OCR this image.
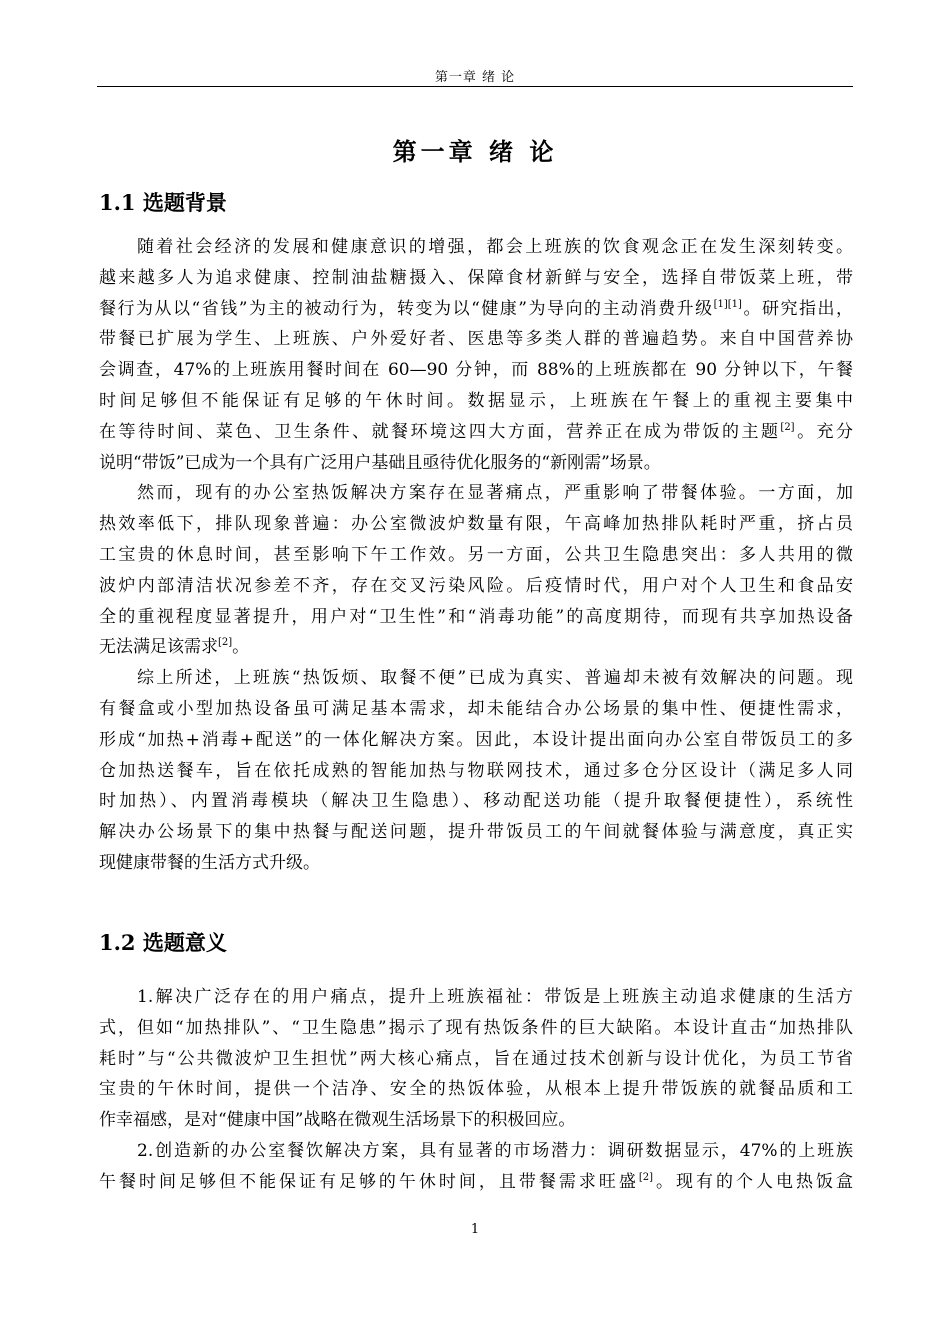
第一章 绪 论
第一章 绪 论
1.1 选题背景
随着社会经济的发展和健康意识的增强，都会上班族的饮食观念正在发生深刻转变。
越来越多人为追求健康、控制油盐糖摄入、保障食材新鲜与安全，选择自带饭菜上班，带
餐行为从以“省钱”为主的被动行为，转变为以“健康”为导向的主动消费升级[1][1]。研究指出，
带餐已扩展为学生、上班族、户外爱好者、医患等多类人群的普遍趋势。来自中国营养协
会调查，47%的上班族用餐时间在 60—90 分钟，而 88%的上班族都在 90 分钟以下，午餐
时间足够但不能保证有足够的午休时间。数据显示，上班族在午餐上的重视主要集中
在等待时间、菜色、卫生条件、就餐环境这四大方面，营养正在成为带饭的主题[2]。充分
说明“带饭”已成为一个具有广泛用户基础且亟待优化服务的“新刚需”场景。
然而，现有的办公室热饭解决方案存在显著痛点，严重影响了带餐体验。一方面，加
热效率低下，排队现象普遍：办公室微波炉数量有限，午高峰加热排队耗时严重，挤占员
工宝贵的休息时间，甚至影响下午工作效。另一方面，公共卫生隐患突出：多人共用的微
波炉内部清洁状况参差不齐，存在交叉污染风险。后疫情时代，用户对个人卫生和食品安
全的重视程度显著提升，用户对“卫生性”和“消毒功能”的高度期待，而现有共享加热设备
无法满足该需求[2]。
综上所述，上班族“热饭烦、取餐不便”已成为真实、普遍却未被有效解决的问题。现
有餐盒或小型加热设备虽可满足基本需求，却未能结合办公场景的集中性、便捷性需求，
形成“加热+消毒+配送”的一体化解决方案。因此，本设计提出面向办公室自带饭员工的多
仓加热送餐车，旨在依托成熟的智能加热与物联网技术，通过多仓分区设计（满足多人同
时加热）、内置消毒模块（解决卫生隐患）、移动配送功能（提升取餐便捷性），系统性
解决办公场景下的集中热餐与配送问题，提升带饭员工的午间就餐体验与满意度，真正实
现健康带餐的生活方式升级。
1.2 选题意义
1.解决广泛存在的用户痛点，提升上班族福祉：带饭是上班族主动追求健康的生活方
式，但如“加热排队”、“卫生隐患”揭示了现有热饭条件的巨大缺陷。本设计直击“加热排队
耗时”与“公共微波炉卫生担忧”两大核心痛点，旨在通过技术创新与设计优化，为员工节省
宝贵的午休时间，提供一个洁净、安全的热饭体验，从根本上提升带饭族的就餐品质和工
作幸福感，是对“健康中国”战略在微观生活场景下的积极回应。
2.创造新的办公室餐饮解决方案，具有显著的市场潜力：调研数据显示，47%的上班族
午餐时间足够但不能保证有足够的午休时间，且带餐需求旺盛[2]。现有的个人电热饭盒
1
